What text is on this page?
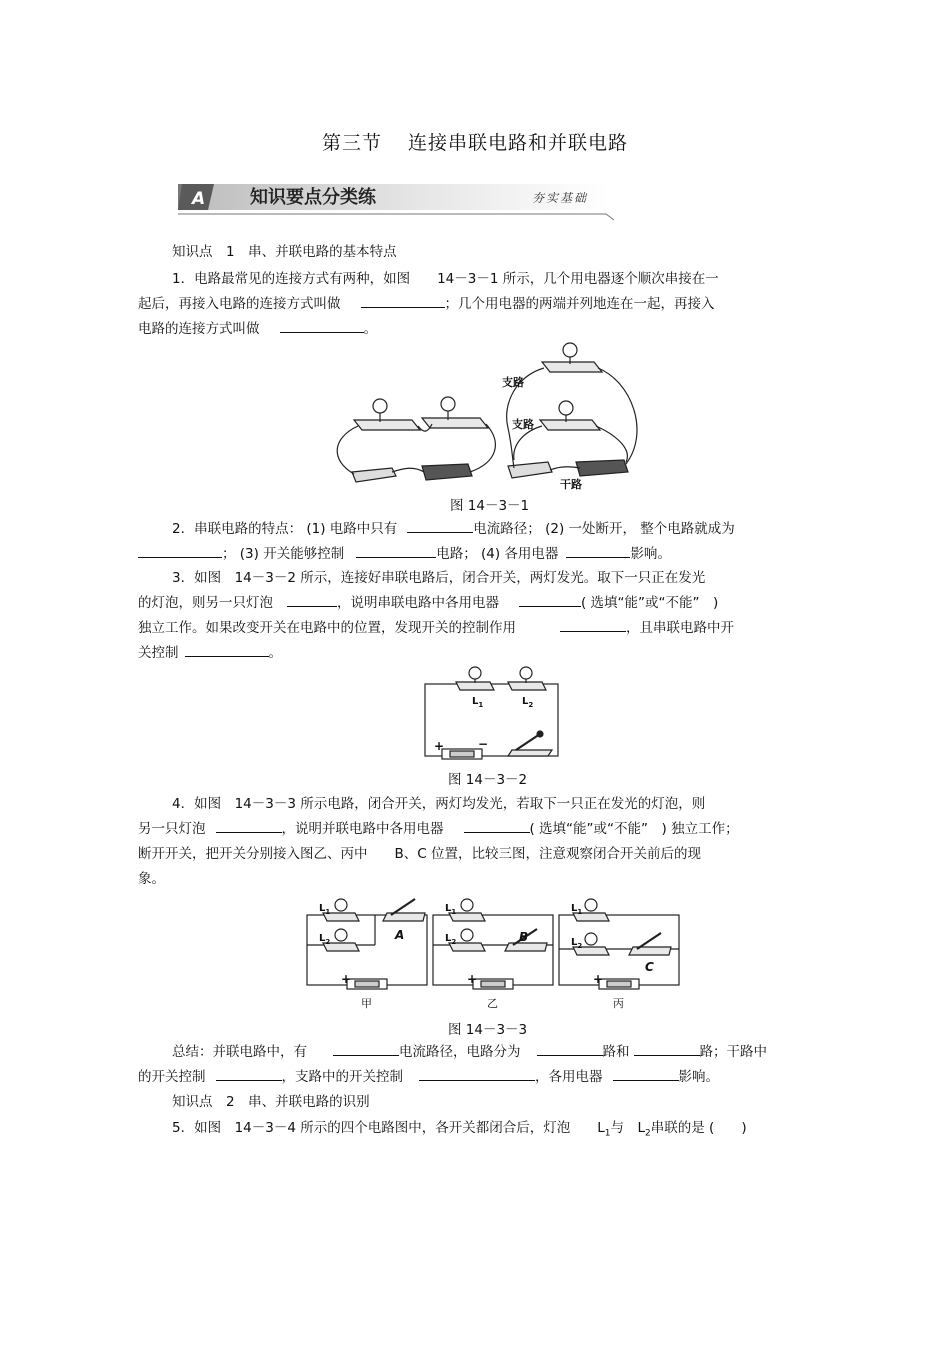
第三节 连接串联电路和并联电路
A 知识要点分类练	夯实基础
知识点　1　串、并联电路的基本特点
1．电路最常见的连接方式有两种，如图　　14－3－1 所示，几个用电器逐个顺次串接在一
起后，再接入电路的连接方式叫做	；几个用电器的两端并列地连在一起，再接入
电路的连接方式叫做	。
支路
支路
干路
图 14－3－1
2．串联电路的特点： (1) 电路中只有	电流路径； (2) 一处断开， 整个电路就成为
； (3) 开关能够控制	电路； (4) 各用电器	影响。
3．如图　14－3－2 所示，连接好串联电路后，闭合开关，两灯发光。取下一只正在发光
的灯泡，则另一只灯泡	，说明串联电路中各用电器	( 选填“能”或“不能”　)
独立工作。如果改变开关在电路中的位置，发现开关的控制作用	，且串联电路中开
关控制	。
$L_1$	$L_2$
+	−
图 14－3－2
4．如图　14－3－3 所示电路，闭合开关，两灯均发光，若取下一只正在发光的灯泡，则
另一只灯泡	，说明并联电路中各用电器	( 选填“能”或“不能”　) 独立工作；
断开开关，把开关分别接入图乙、丙中　　B、C 位置，比较三图，注意观察闭合开关前后的现
象。
$L_1$
$L_2$
$L_1$
$L_2$
$L_1$
$L_2$
A	B
C
+	+	+
甲	乙	丙
图 14－3－3
总结：并联电路中，有	电流路径，电路分为	路和	路；干路中
的开关控制	，支路中的开关控制	，各用电器	影响。
知识点　2　串、并联电路的识别
5．如图　14－3－4 所示的四个电路图中，各开关都闭合后，灯泡　　$L_1$与　$L_2$串联的是 (　　)
